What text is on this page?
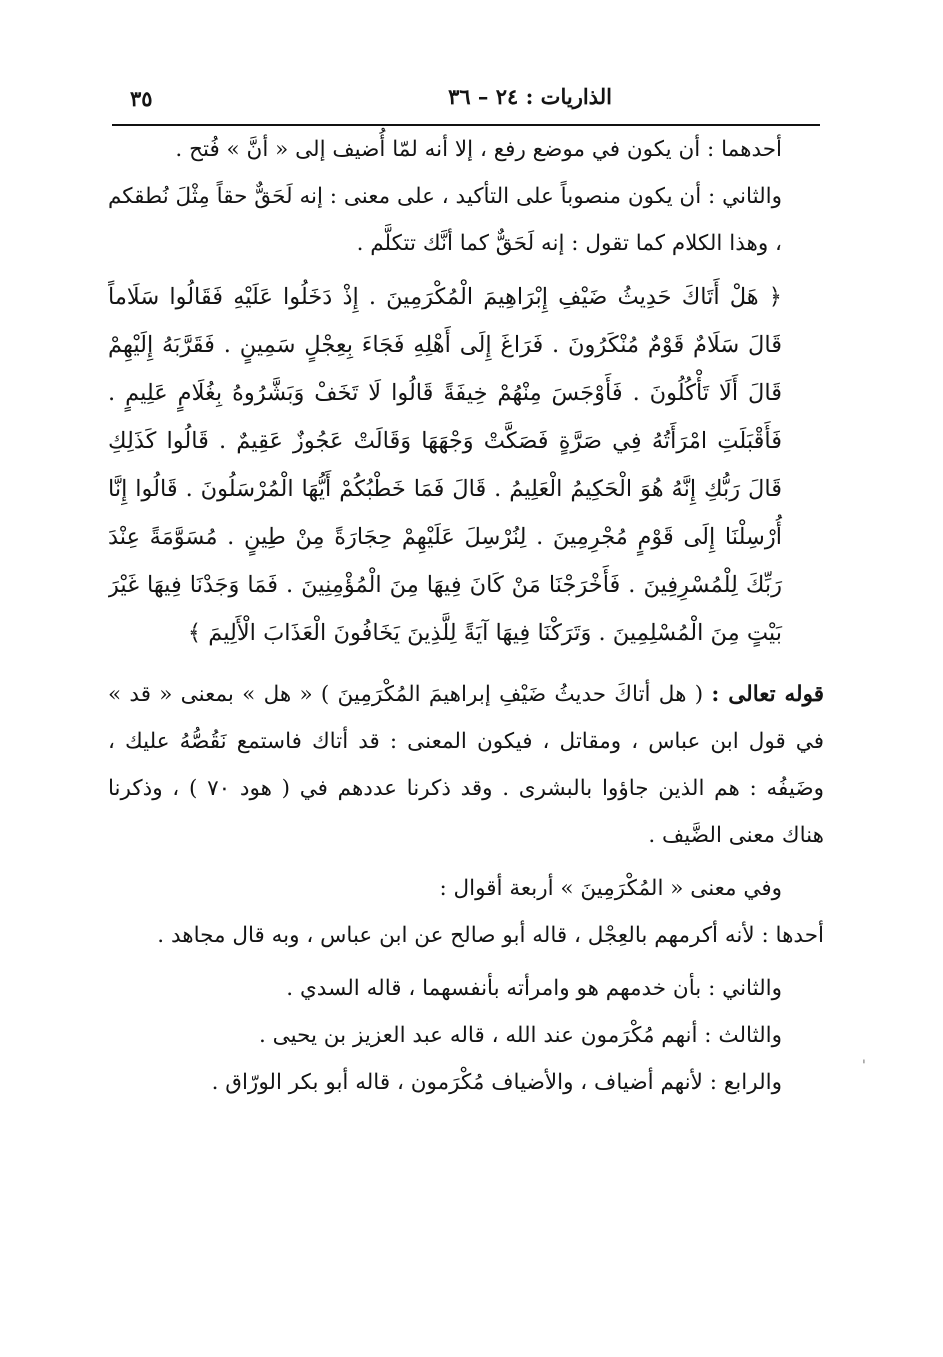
٣٥	الذاريات : ٢٤ – ٣٦

أحدهما : أن يكون في موضع رفع ، إلا أنه لمّا أُضيف إلى « أنَّ » فُتح .

والثاني : أن يكون منصوباً على التأكيد ، على معنى : إنه لَحَقٌّ حقاً مِثْلَ نُطقكم ، وهذا الكلام كما تقول : إنه لَحَقٌّ كما أنَّك تتكلَّم .

﴿ هَلْ أَتَاكَ حَدِيثُ ضَيْفِ إِبْرَاهِيمَ الْمُكْرَمِينَ . إِذْ دَخَلُوا عَلَيْهِ فَقَالُوا سَلَاماً قَالَ سَلَامٌ قَوْمٌ مُنْكَرُونَ . فَرَاغَ إِلَى أَهْلِهِ فَجَاءَ بِعِجْلٍ سَمِينٍ . فَقَرَّبَهُ إِلَيْهِمْ قَالَ أَلَا تَأْكُلُونَ . فَأَوْجَسَ مِنْهُمْ خِيفَةً قَالُوا لَا تَخَفْ وَبَشَّرُوهُ بِغُلَامٍ عَلِيمٍ . فَأَقْبَلَتِ امْرَأَتُهُ فِي صَرَّةٍ فَصَكَّتْ وَجْهَهَا وَقَالَتْ عَجُوزٌ عَقِيمٌ . قَالُوا كَذَلِكِ قَالَ رَبُّكِ إِنَّهُ هُوَ الْحَكِيمُ الْعَلِيمُ . قَالَ فَمَا خَطْبُكُمْ أَيُّهَا الْمُرْسَلُونَ . قَالُوا إِنَّا أُرْسِلْنَا إِلَى قَوْمٍ مُجْرِمِينَ . لِنُرْسِلَ عَلَيْهِمْ حِجَارَةً مِنْ طِينٍ . مُسَوَّمَةً عِنْدَ رَبِّكَ لِلْمُسْرِفِينَ . فَأَخْرَجْنَا مَنْ كَانَ فِيهَا مِنَ الْمُؤْمِنِينَ . فَمَا وَجَدْنَا فِيهَا غَيْرَ بَيْتٍ مِنَ الْمُسْلِمِينَ . وَتَرَكْنَا فِيهَا آيَةً لِلَّذِينَ يَخَافُونَ الْعَذَابَ الْأَلِيمَ ﴾

قوله تعالى : ( هل أتاكَ حديثُ ضَيْفِ إبراهيمَ المُكْرَمِينَ ) « هل » بمعنى « قد » في قول ابن عباس ، ومقاتل ، فيكون المعنى : قد أتاك فاستمع نَقُصُّهُ عليك ، وضَيفُه : هم الذين جاؤوا بالبشرى . وقد ذكرنا عددهم في ( هود ٧٠ ) ، وذكرنا هناك معنى الضَّيف .

وفي معنى « المُكْرَمِينَ » أربعة أقوال :

أحدها : لأنه أكرمهم بالعِجْل ، قاله أبو صالح عن ابن عباس ، وبه قال مجاهد .

والثاني : بأن خدمهم هو وامرأته بأنفسهما ، قاله السدي .

والثالث : أنهم مُكْرَمون عند الله ، قاله عبد العزيز بن يحيى .

والرابع : لأنهم أضياف ، والأضياف مُكْرَمون ، قاله أبو بكر الورّاق .

'
